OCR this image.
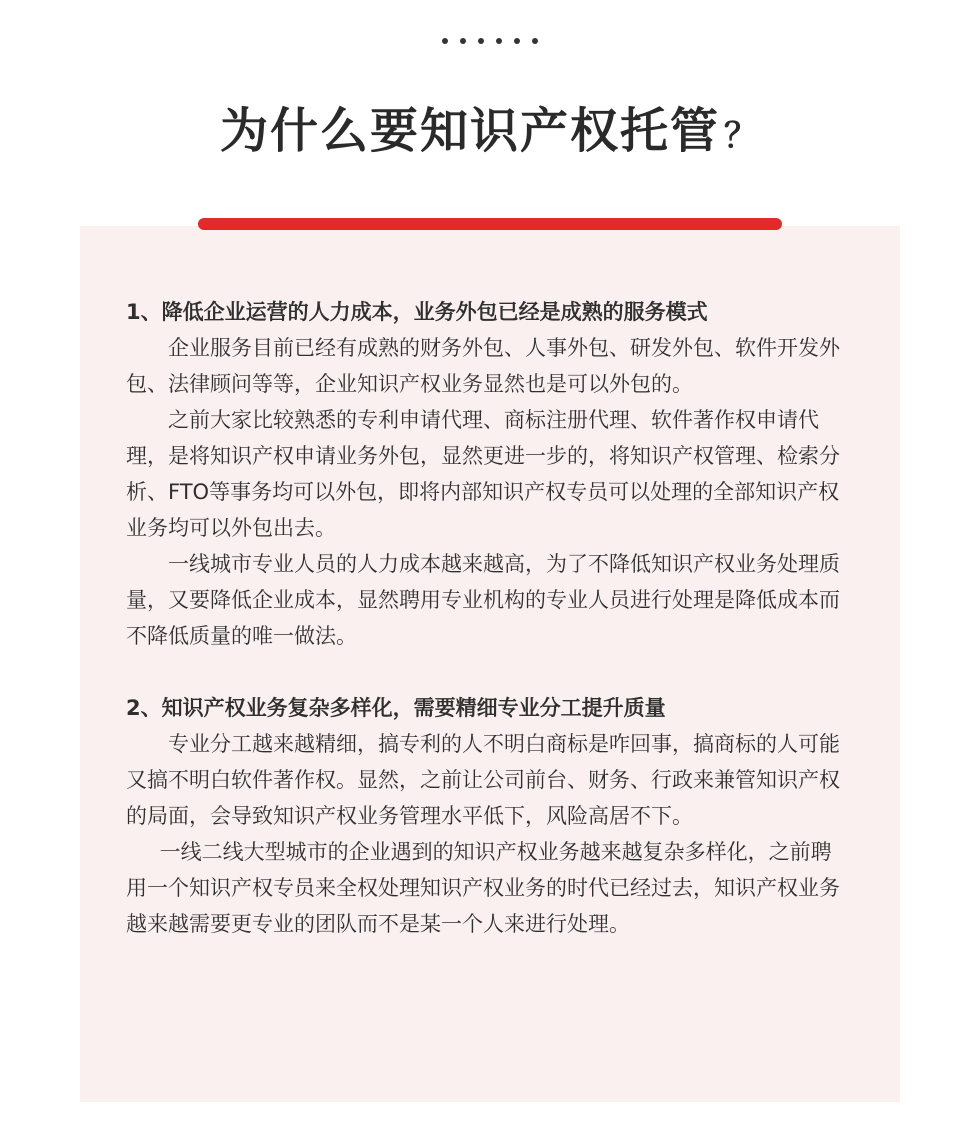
为什么要知识产权托管 ？

1、降低企业运营的人力成本，业务外包已经是成熟的服务模式

企业服务目前已经有成熟的财务外包、人事外包、研发外包、软件开发外包、法律顾问等等，企业知识产权业务显然也是可以外包的。

之前大家比较熟悉的专利申请代理、商标注册代理、软件著作权申请代理，是将知识产权申请业务外包，显然更进一步的，将知识产权管理、检索分析、FTO等事务均可以外包，即将内部知识产权专员可以处理的全部知识产权业务均可以外包出去。

一线城市专业人员的人力成本越来越高，为了不降低知识产权业务处理质量，又要降低企业成本，显然聘用专业机构的专业人员进行处理是降低成本而不降低质量的唯一做法。

2、知识产权业务复杂多样化，需要精细专业分工提升质量

专业分工越来越精细，搞专利的人不明白商标是咋回事，搞商标的人可能又搞不明白软件著作权。显然，之前让公司前台、财务、行政来兼管知识产权的局面，会导致知识产权业务管理水平低下，风险高居不下。

一线二线大型城市的企业遇到的知识产权业务越来越复杂多样化，之前聘用一个知识产权专员来全权处理知识产权业务的时代已经过去，知识产权业务越来越需要更专业的团队而不是某一个人来进行处理。
